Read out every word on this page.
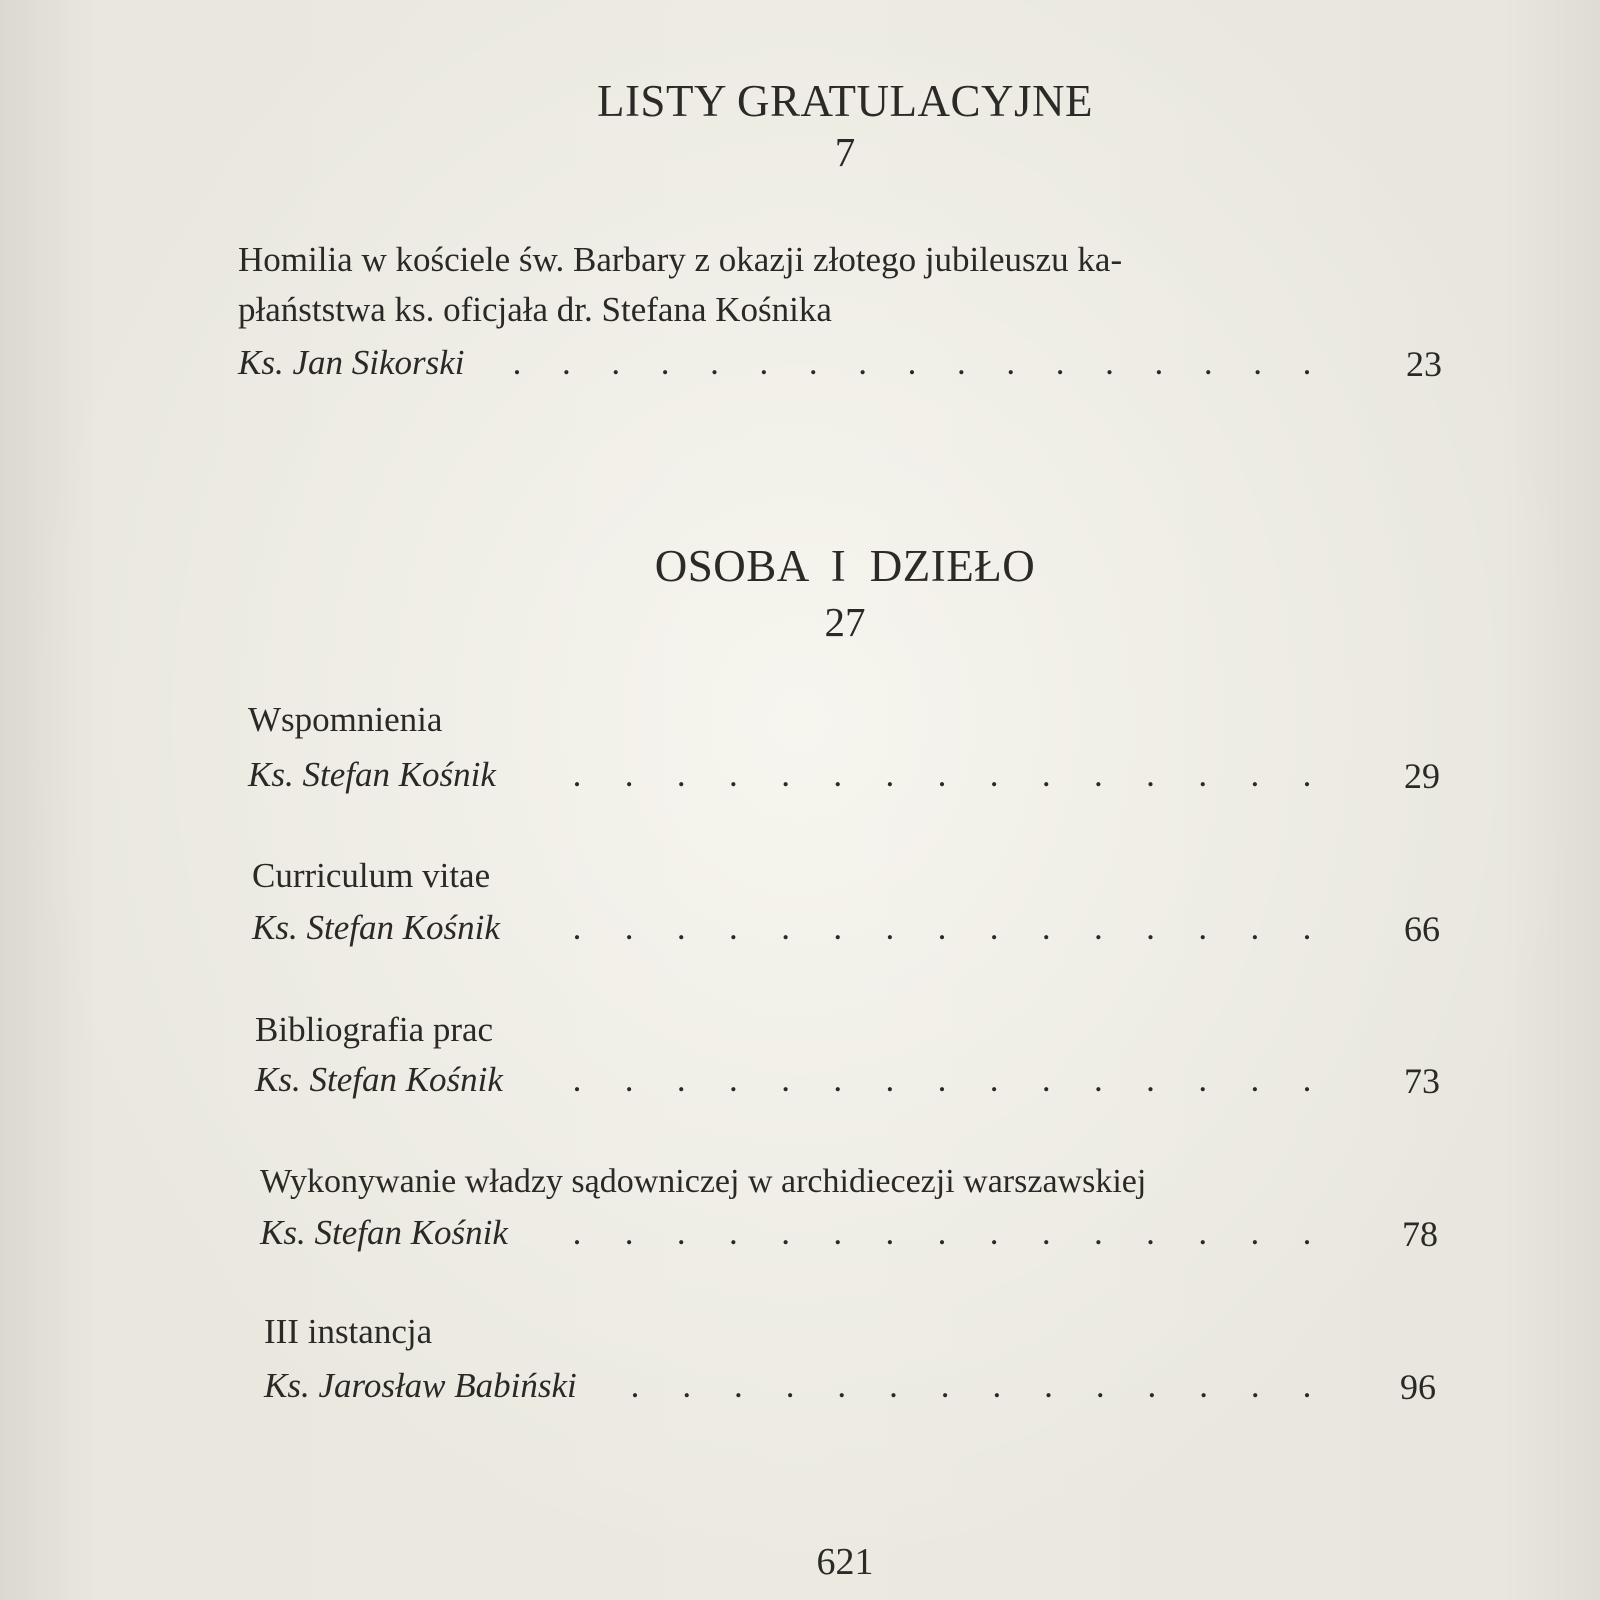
LISTY GRATULACYJNE
7
Homilia w kościele św. Barbary z okazji złotego jubileuszu ka-
płańststwa ks. oficjała dr. Stefana Kośnika
Ks. Jan Sikorski . . . . . . . . . . . . . . . . .	23
OSOBA  I  DZIEŁO
27
Wspomnienia
Ks. Stefan Kośnik . . . . . . . . . . . . . . .	29
Curriculum vitae
Ks. Stefan Kośnik . . . . . . . . . . . . . . .	66
Bibliografia prac
Ks. Stefan Kośnik . . . . . . . . . . . . . . .	73
Wykonywanie władzy sądowniczej w archidiecezji warszawskiej
Ks. Stefan Kośnik . . . . . . . . . . . . . . .	78
III instancja
Ks. Jarosław Babiński . . . . . . . . . . . . . .	96
621
